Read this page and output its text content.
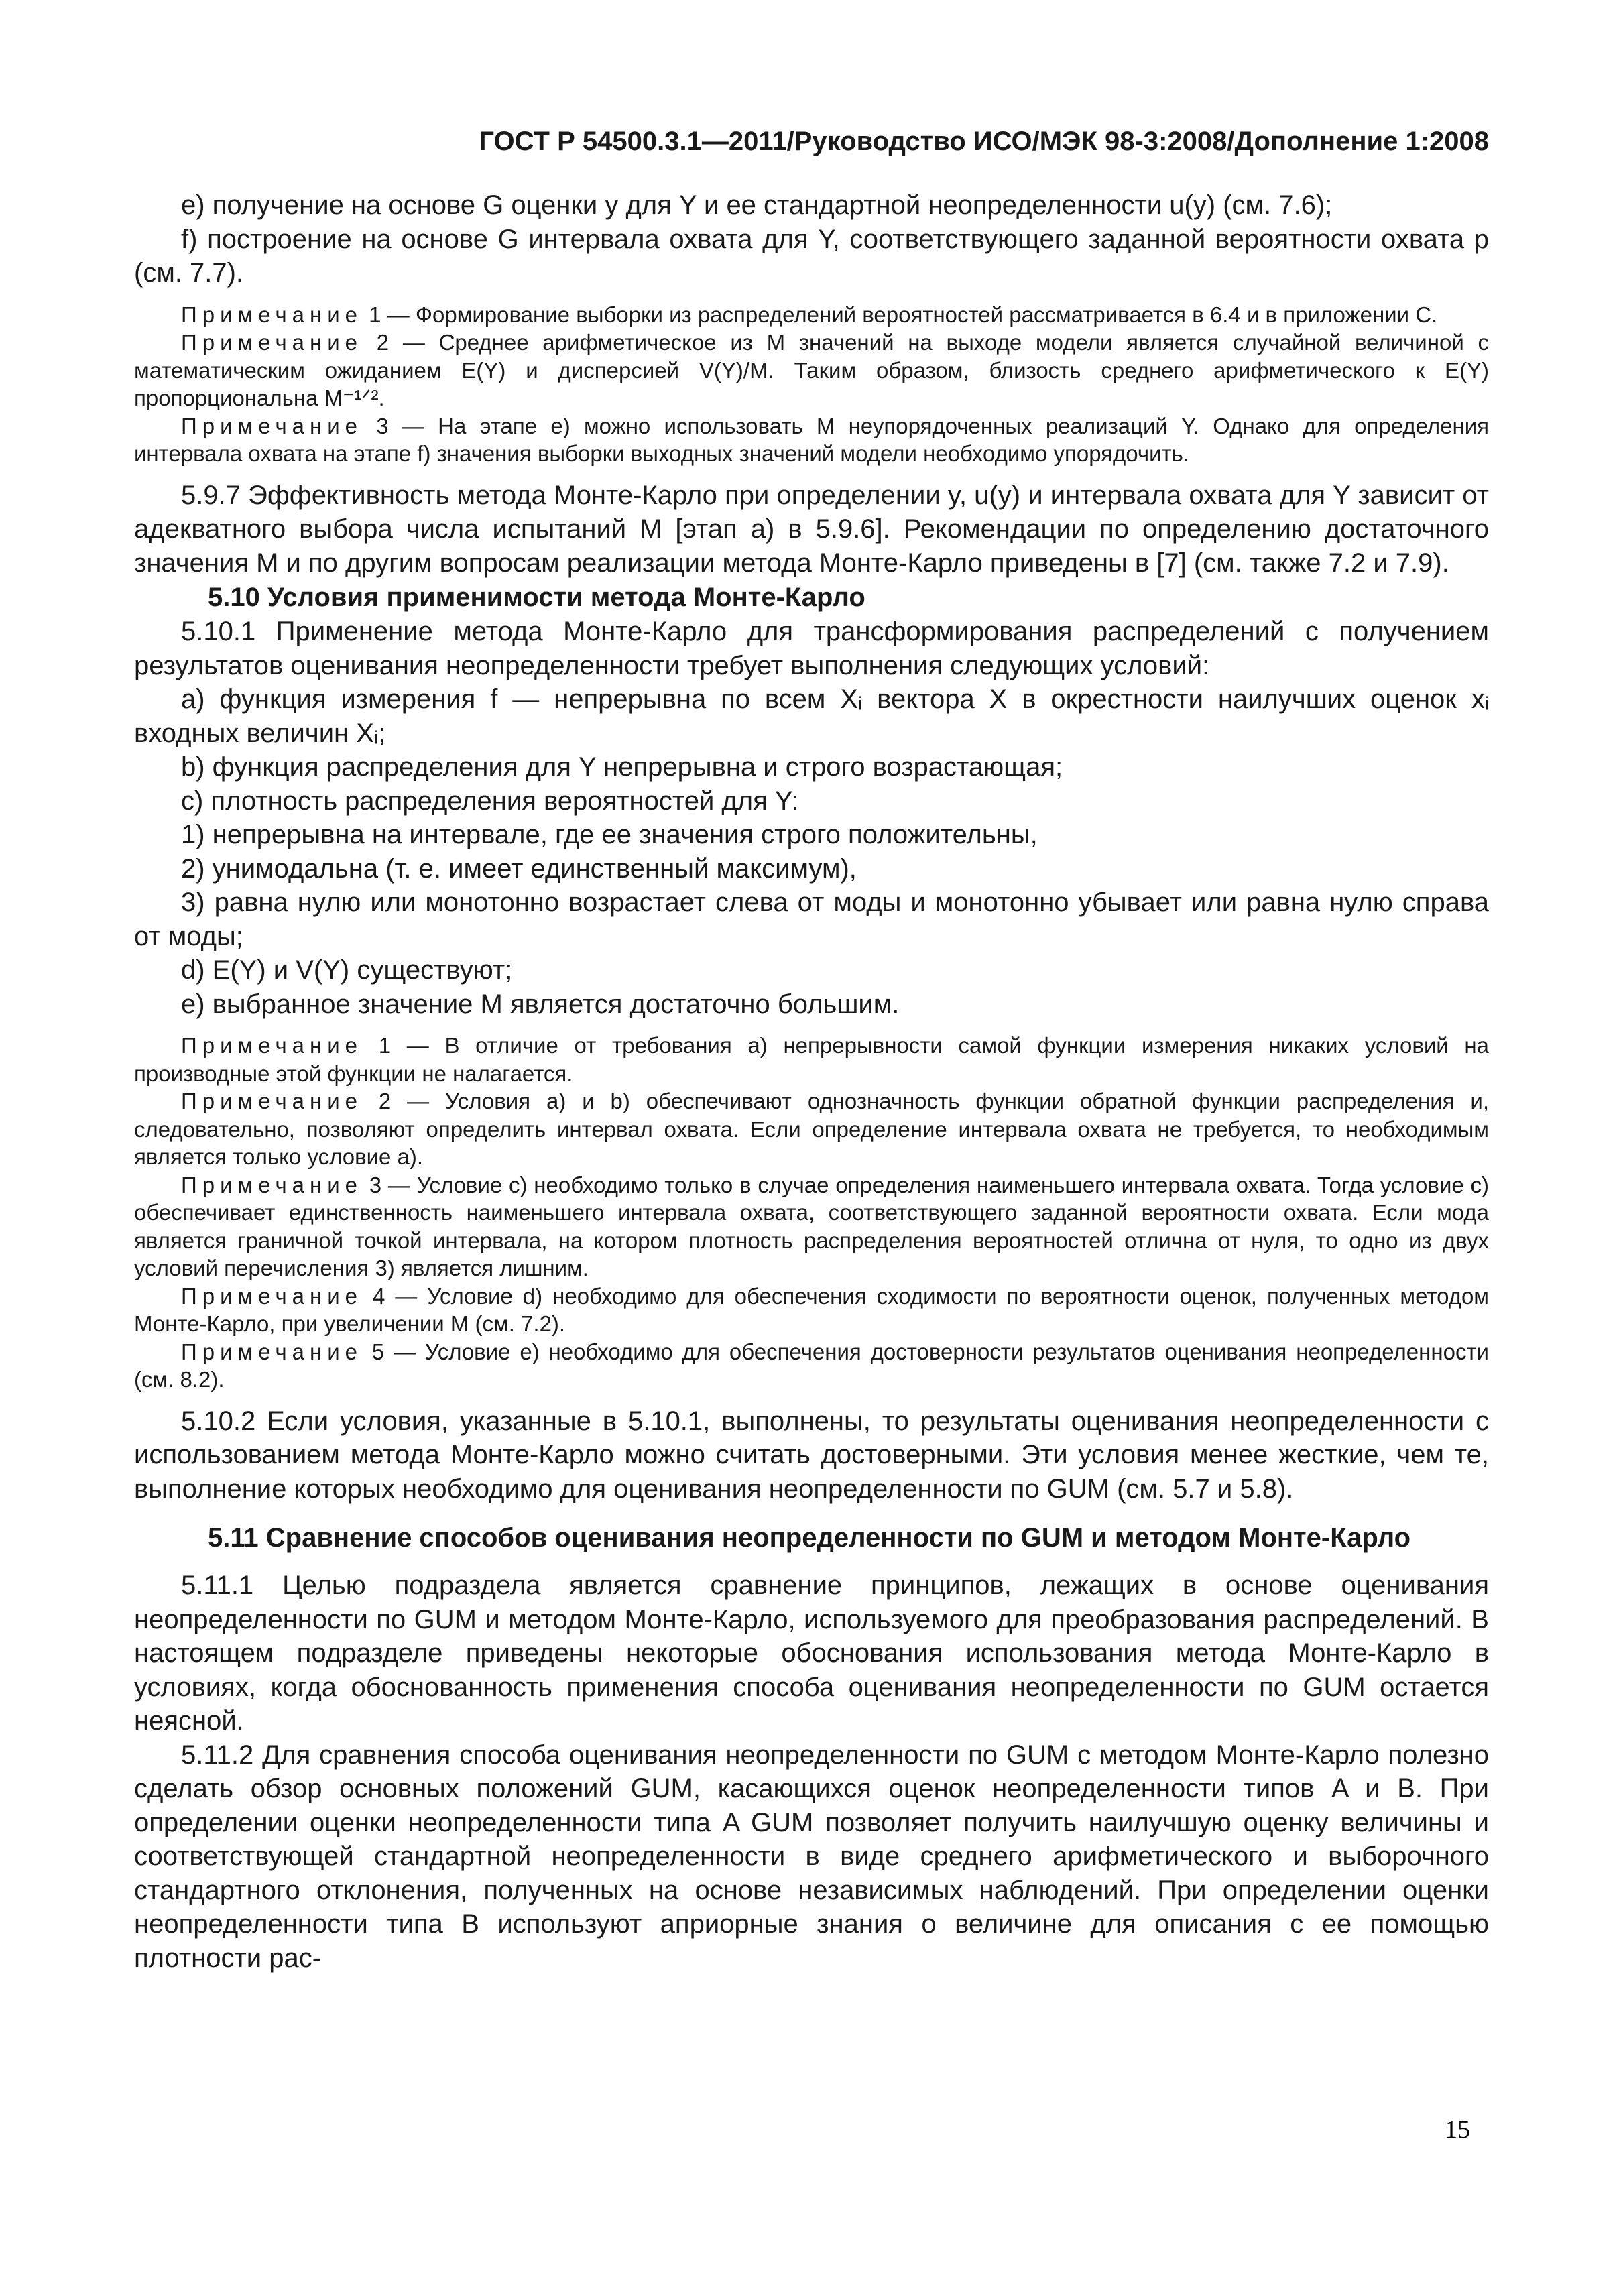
ГОСТ Р 54500.3.1—2011/Руководство ИСО/МЭК 98-3:2008/Дополнение 1:2008

e) получение на основе G оценки y для Y и ее стандартной неопределенности u(y) (см. 7.6);

f) построение на основе G интервала охвата для Y, соответствующего заданной вероятности охвата p (см. 7.7).

Примечание 1 — Формирование выборки из распределений вероятностей рассматривается в 6.4 и в приложении С.

Примечание 2 — Среднее арифметическое из M значений на выходе модели является случайной величиной с математическим ожиданием E(Y) и дисперсией V(Y)/M. Таким образом, близость среднего арифметического к E(Y) пропорциональна M⁻¹ᐟ².

Примечание 3 — На этапе e) можно использовать M неупорядоченных реализаций Y. Однако для определения интервала охвата на этапе f) значения выборки выходных значений модели необходимо упорядочить.

5.9.7 Эффективность метода Монте-Карло при определении y, u(y) и интервала охвата для Y зависит от адекватного выбора числа испытаний M [этап a) в 5.9.6]. Рекомендации по определению достаточного значения M и по другим вопросам реализации метода Монте-Карло приведены в [7] (см. также 7.2 и 7.9).

5.10 Условия применимости метода Монте-Карло

5.10.1 Применение метода Монте-Карло для трансформирования распределений с получением результатов оценивания неопределенности требует выполнения следующих условий:

a) функция измерения f — непрерывна по всем Xᵢ вектора X в окрестности наилучших оценок xᵢ входных величин Xᵢ;

b) функция распределения для Y непрерывна и строго возрастающая;

c) плотность распределения вероятностей для Y:

1) непрерывна на интервале, где ее значения строго положительны,

2) унимодальна (т. е. имеет единственный максимум),

3) равна нулю или монотонно возрастает слева от моды и монотонно убывает или равна нулю справа от моды;

d) E(Y) и V(Y) существуют;

e) выбранное значение M является достаточно большим.

Примечание 1 — В отличие от требования a) непрерывности самой функции измерения никаких условий на производные этой функции не налагается.

Примечание 2 — Условия a) и b) обеспечивают однозначность функции обратной функции распределения и, следовательно, позволяют определить интервал охвата. Если определение интервала охвата не требуется, то необходимым является только условие a).

Примечание 3 — Условие c) необходимо только в случае определения наименьшего интервала охвата. Тогда условие c) обеспечивает единственность наименьшего интервала охвата, соответствующего заданной вероятности охвата. Если мода является граничной точкой интервала, на котором плотность распределения вероятностей отлична от нуля, то одно из двух условий перечисления 3) является лишним.

Примечание 4 — Условие d) необходимо для обеспечения сходимости по вероятности оценок, полученных методом Монте-Карло, при увеличении M (см. 7.2).

Примечание 5 — Условие e) необходимо для обеспечения достоверности результатов оценивания неопределенности (см. 8.2).

5.10.2 Если условия, указанные в 5.10.1, выполнены, то результаты оценивания неопределенности с использованием метода Монте-Карло можно считать достоверными. Эти условия менее жесткие, чем те, выполнение которых необходимо для оценивания неопределенности по GUM (см. 5.7 и 5.8).

5.11 Сравнение способов оценивания неопределенности по GUM и методом Монте-Карло

5.11.1 Целью подраздела является сравнение принципов, лежащих в основе оценивания неопределенности по GUM и методом Монте-Карло, используемого для преобразования распределений. В настоящем подразделе приведены некоторые обоснования использования метода Монте-Карло в условиях, когда обоснованность применения способа оценивания неопределенности по GUM остается неясной.

5.11.2 Для сравнения способа оценивания неопределенности по GUM с методом Монте-Карло полезно сделать обзор основных положений GUM, касающихся оценок неопределенности типов A и B. При определении оценки неопределенности типа A GUM позволяет получить наилучшую оценку величины и соответствующей стандартной неопределенности в виде среднего арифметического и выборочного стандартного отклонения, полученных на основе независимых наблюдений. При определении оценки неопределенности типа B используют априорные знания о величине для описания с ее помощью плотности рас-

15
